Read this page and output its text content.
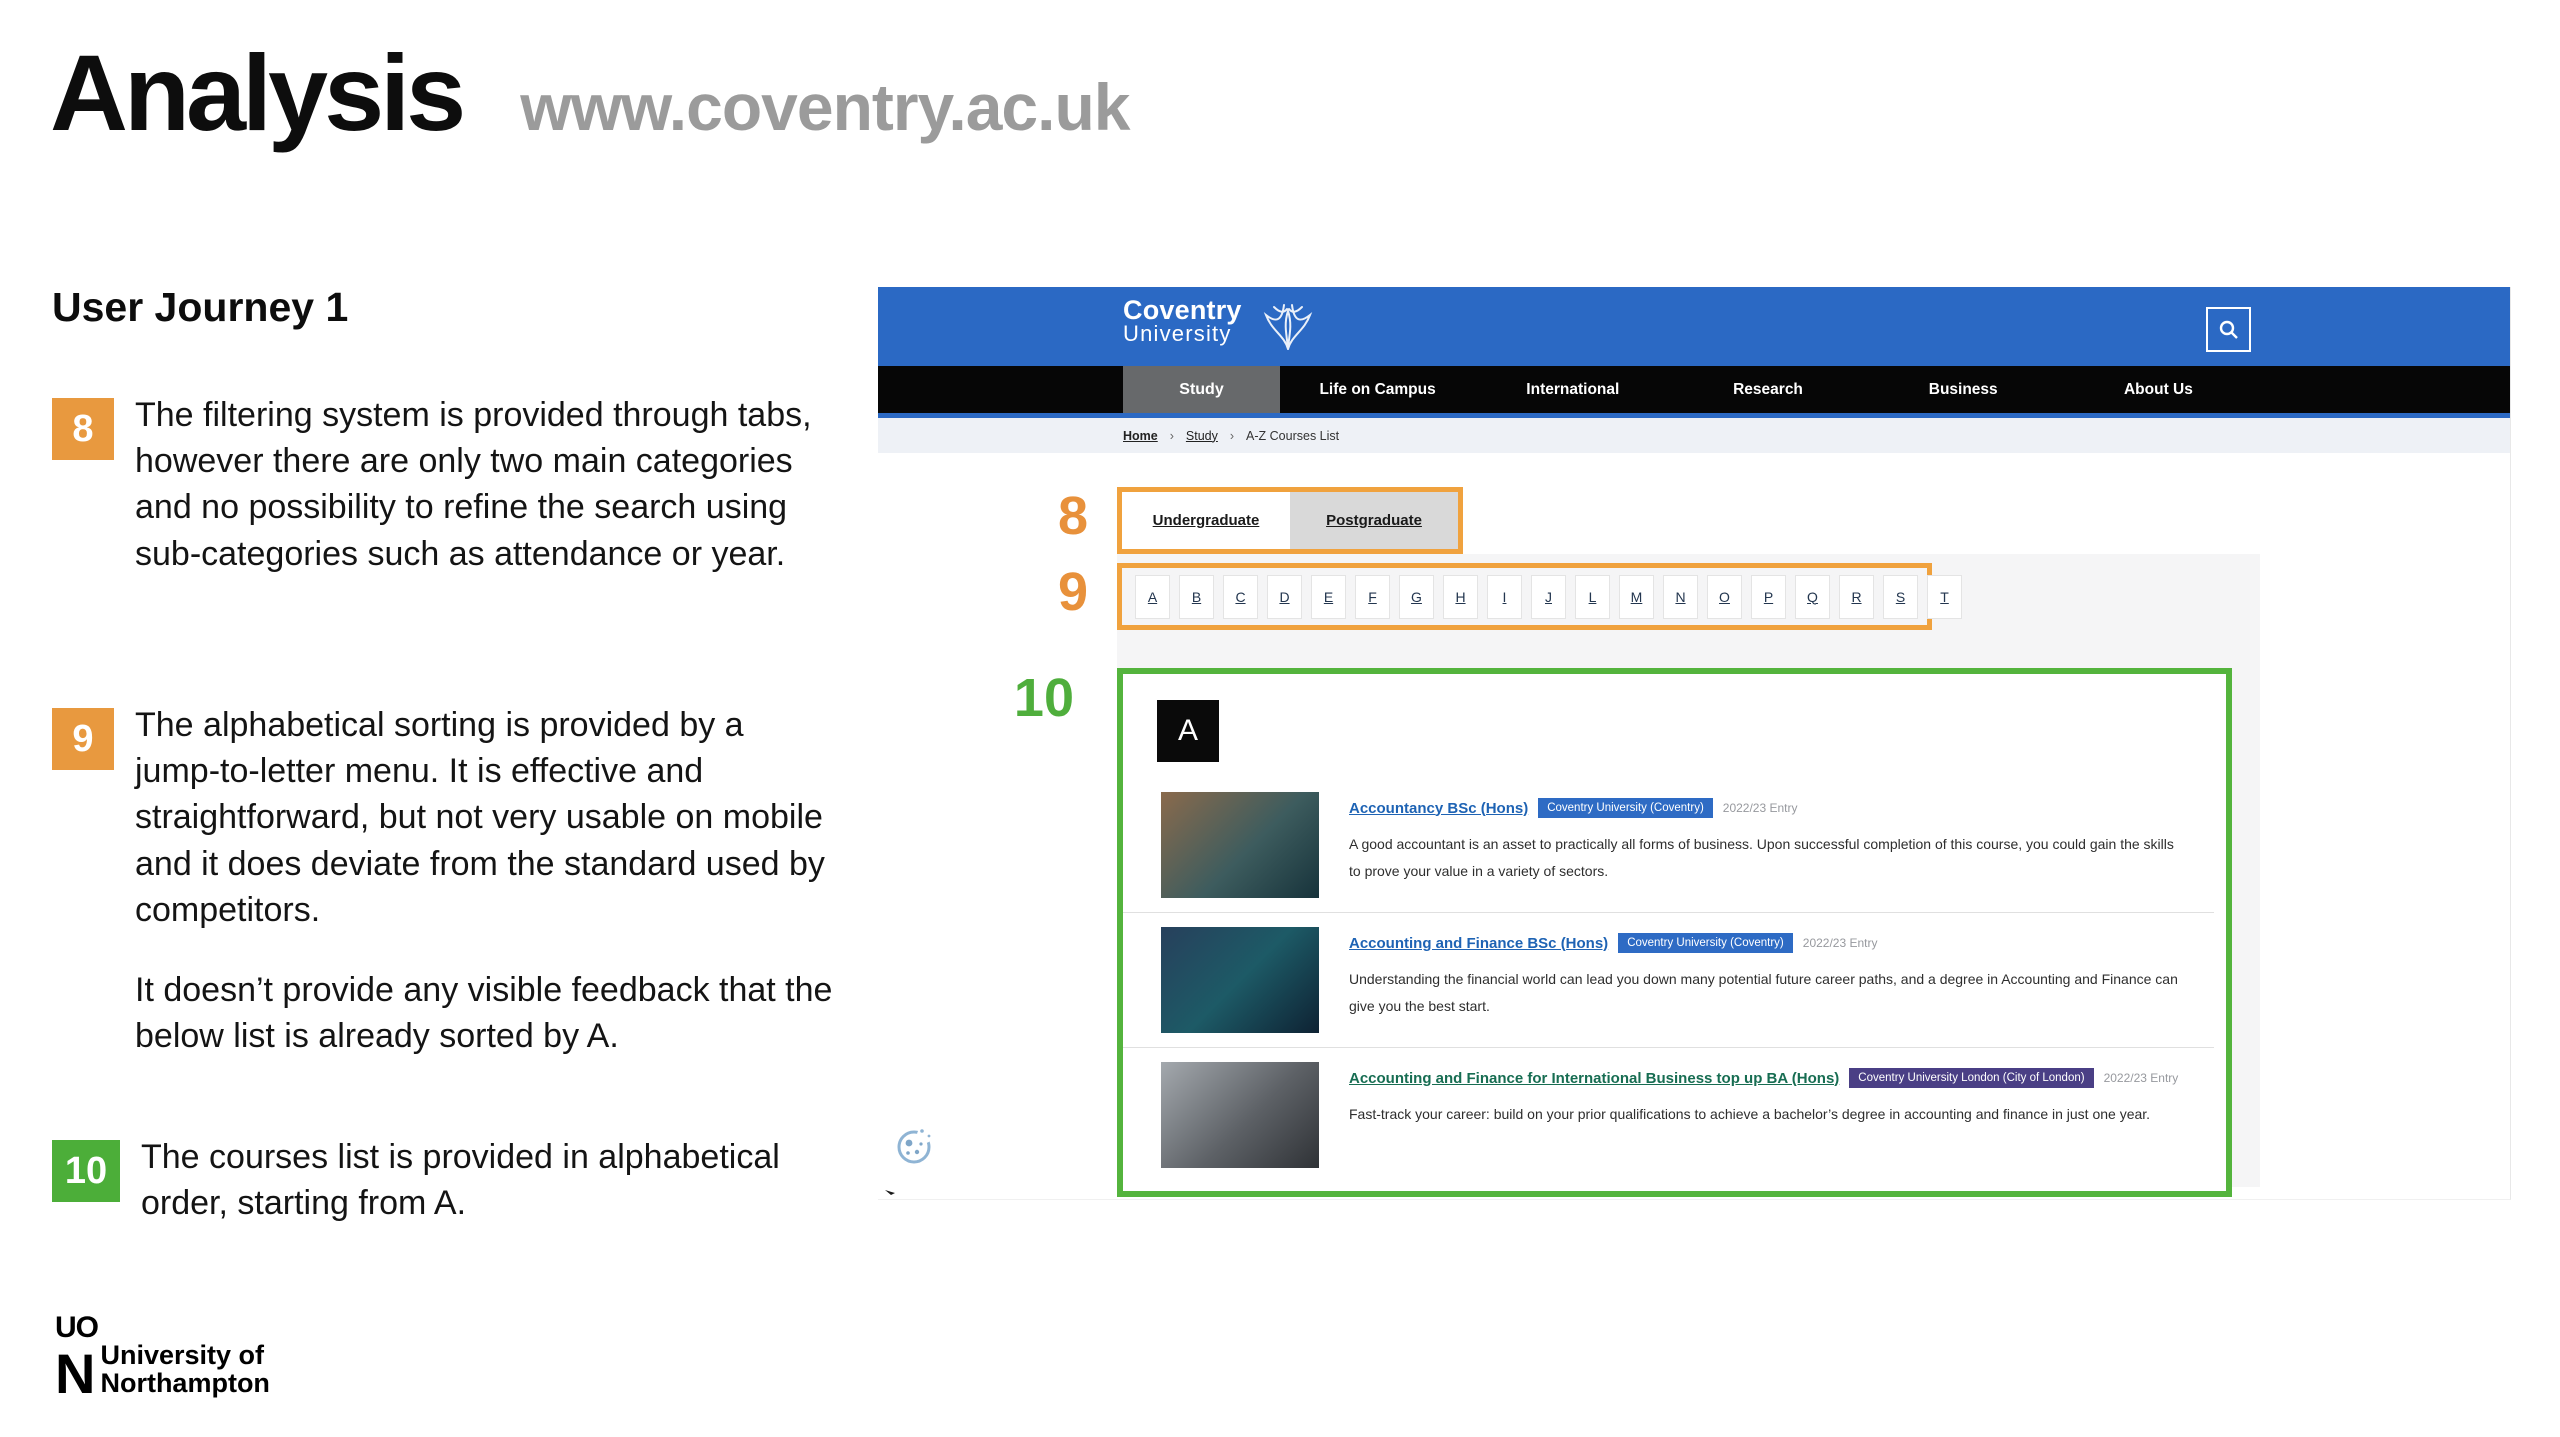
Analysis www.coventry.ac.uk
User Journey 1
8	The filtering system is provided through tabs, however there are only two main categories and no possibility to refine the search using sub-categories such as attendance or year.

9	The alphabetical sorting is provided by a jump-to-letter menu. It is effective and straightforward, but not very usable on mobile and it does deviate from the standard used by competitors.

It doesn’t provide any visible feedback that the below list is already sorted by A.

10 The courses list is provided in alphabetical order, starting from A.

UO
N University of
Northampton
Coventry
University
Study	Life on Campus	International	Research	Business	About Us
Home › Study › A-Z Courses List
Undergraduate	Postgraduate
A	B	C	D	E	F	G	H	I	J	L	M	N	O	P	Q	R	S	T
A
Accountancy BSc (Hons)	Coventry University (Coventry)	2022/23 Entry
A good accountant is an asset to practically all forms of business. Upon successful completion of this course, you could gain the skills to prove your value in a variety of sectors.
Accounting and Finance BSc (Hons)	Coventry University (Coventry)	2022/23 Entry
Understanding the financial world can lead you down many potential future career paths, and a degree in Accounting and Finance can give you the best start.
Accounting and Finance for International Business top up BA (Hons)	Coventry University London (City of London)	2022/23 Entry
Fast-track your career: build on your prior qualifications to achieve a bachelor’s degree in accounting and finance in just one year.
8
9
10
